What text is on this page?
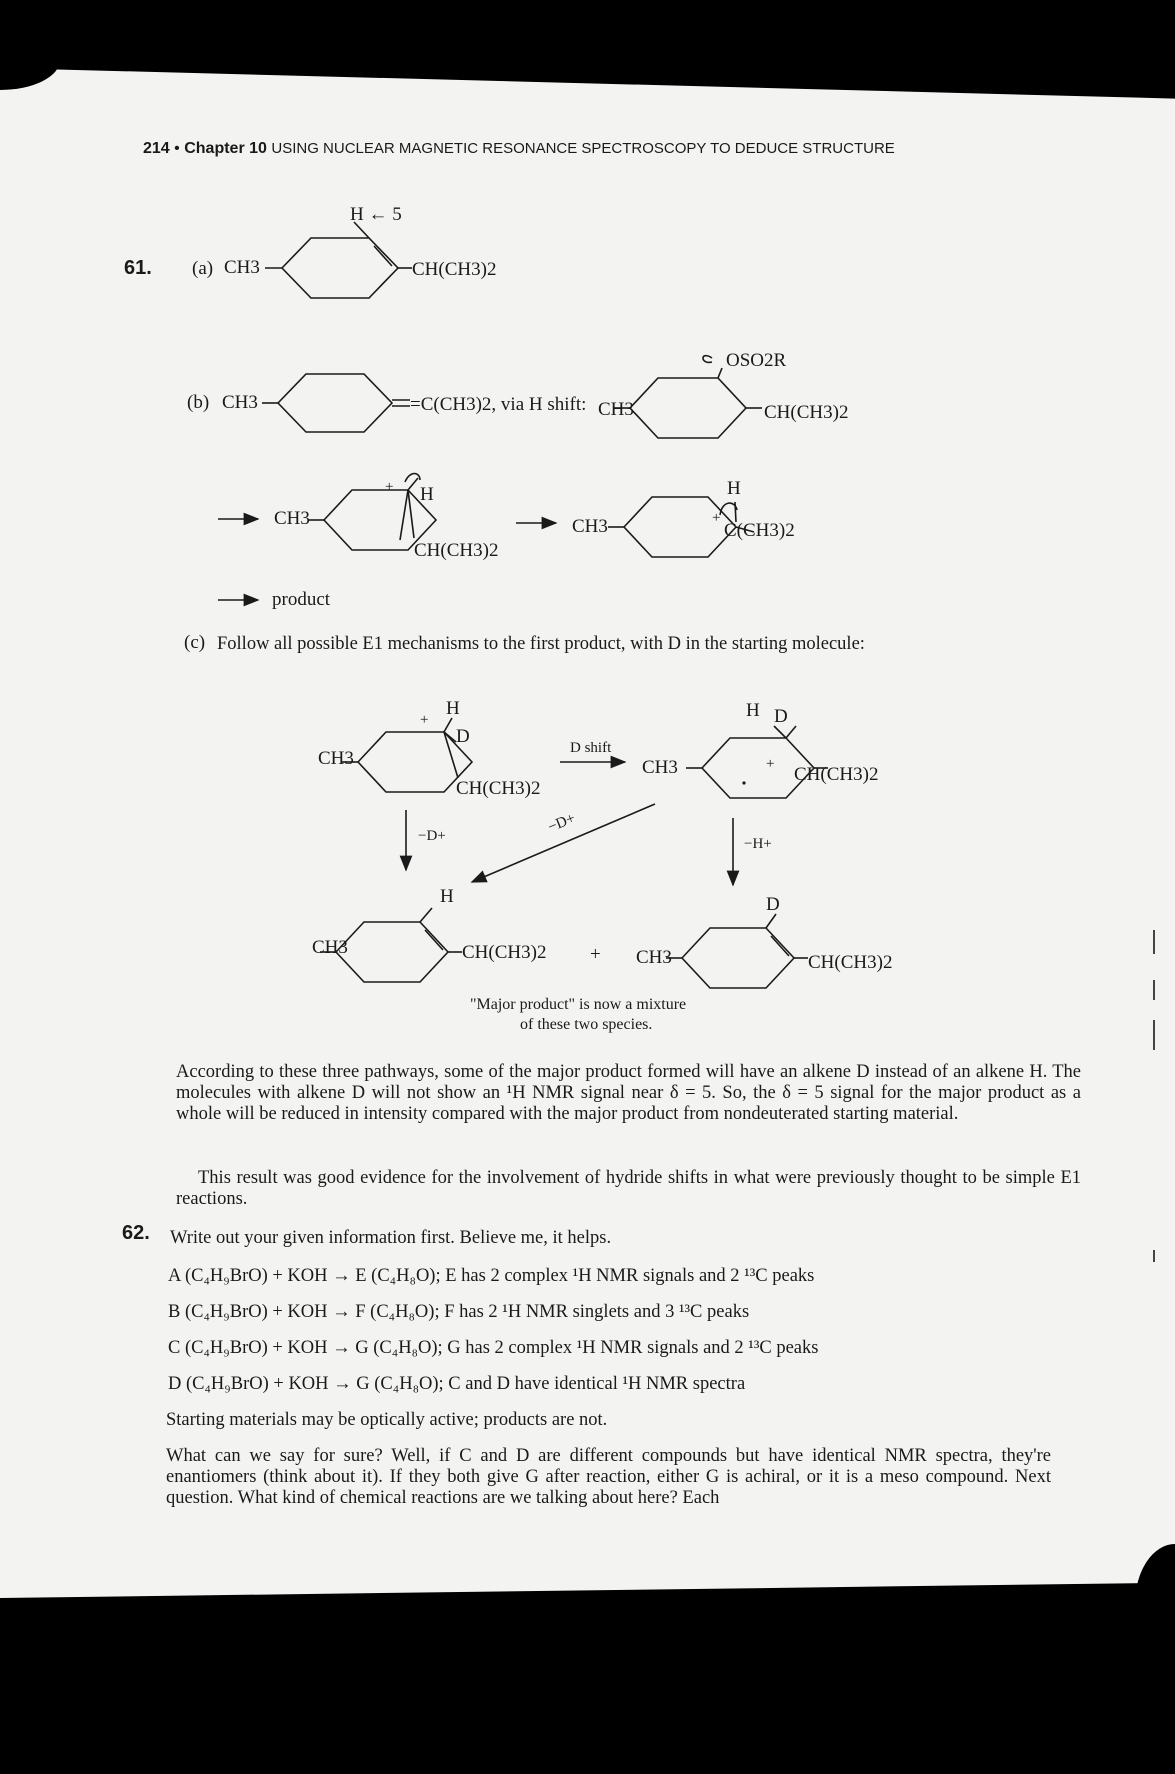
214 • Chapter 10 USING NUCLEAR MAGNETIC RESONANCE SPECTROSCOPY TO DEDUCE STRUCTURE
61. (a) CH3	CH(CH3)2
H ← 5
(b) CH3	=C(CH3)2, via H shift: CH3	CH(CH3)2
OSO2R
CH3
+ H
CH(CH3)2
CH3
H
+
C(CH3)2
product
(c) Follow all possible E1 mechanisms to the first product, with D in the starting molecule:
CH3
+
H
D
CH(CH3)2
D shift
CH3
H D
+ CH(CH3)2
−D+
−D+
−H+
CH3
H
CH(CH3)2 + CH3
D
CH(CH3)2
"Major product" is now a mixture
of these two species.
According to these three pathways, some of the major product formed will have an alkene D instead of an alkene H. The molecules with alkene D will not show an ¹H NMR signal near δ = 5. So, the δ = 5 signal for the major product as a whole will be reduced in intensity compared with the major product from nondeuterated starting material.
This result was good evidence for the involvement of hydride shifts in what were previously thought to be simple E1 reactions.
62. Write out your given information first. Believe me, it helps.
A (C₄H₉BrO) + KOH → E (C₄H₈O); E has 2 complex ¹H NMR signals and 2 ¹³C peaks
B (C₄H₉BrO) + KOH → F (C₄H₈O); F has 2 ¹H NMR singlets and 3 ¹³C peaks
C (C₄H₉BrO) + KOH → G (C₄H₈O); G has 2 complex ¹H NMR signals and 2 ¹³C peaks
D (C₄H₉BrO) + KOH → G (C₄H₈O); C and D have identical ¹H NMR spectra
Starting materials may be optically active; products are not.
What can we say for sure? Well, if C and D are different compounds but have identical NMR spectra, they're enantiomers (think about it). If they both give G after reaction, either G is achiral, or it is a meso compound. Next question. What kind of chemical reactions are we talking about here? Each
